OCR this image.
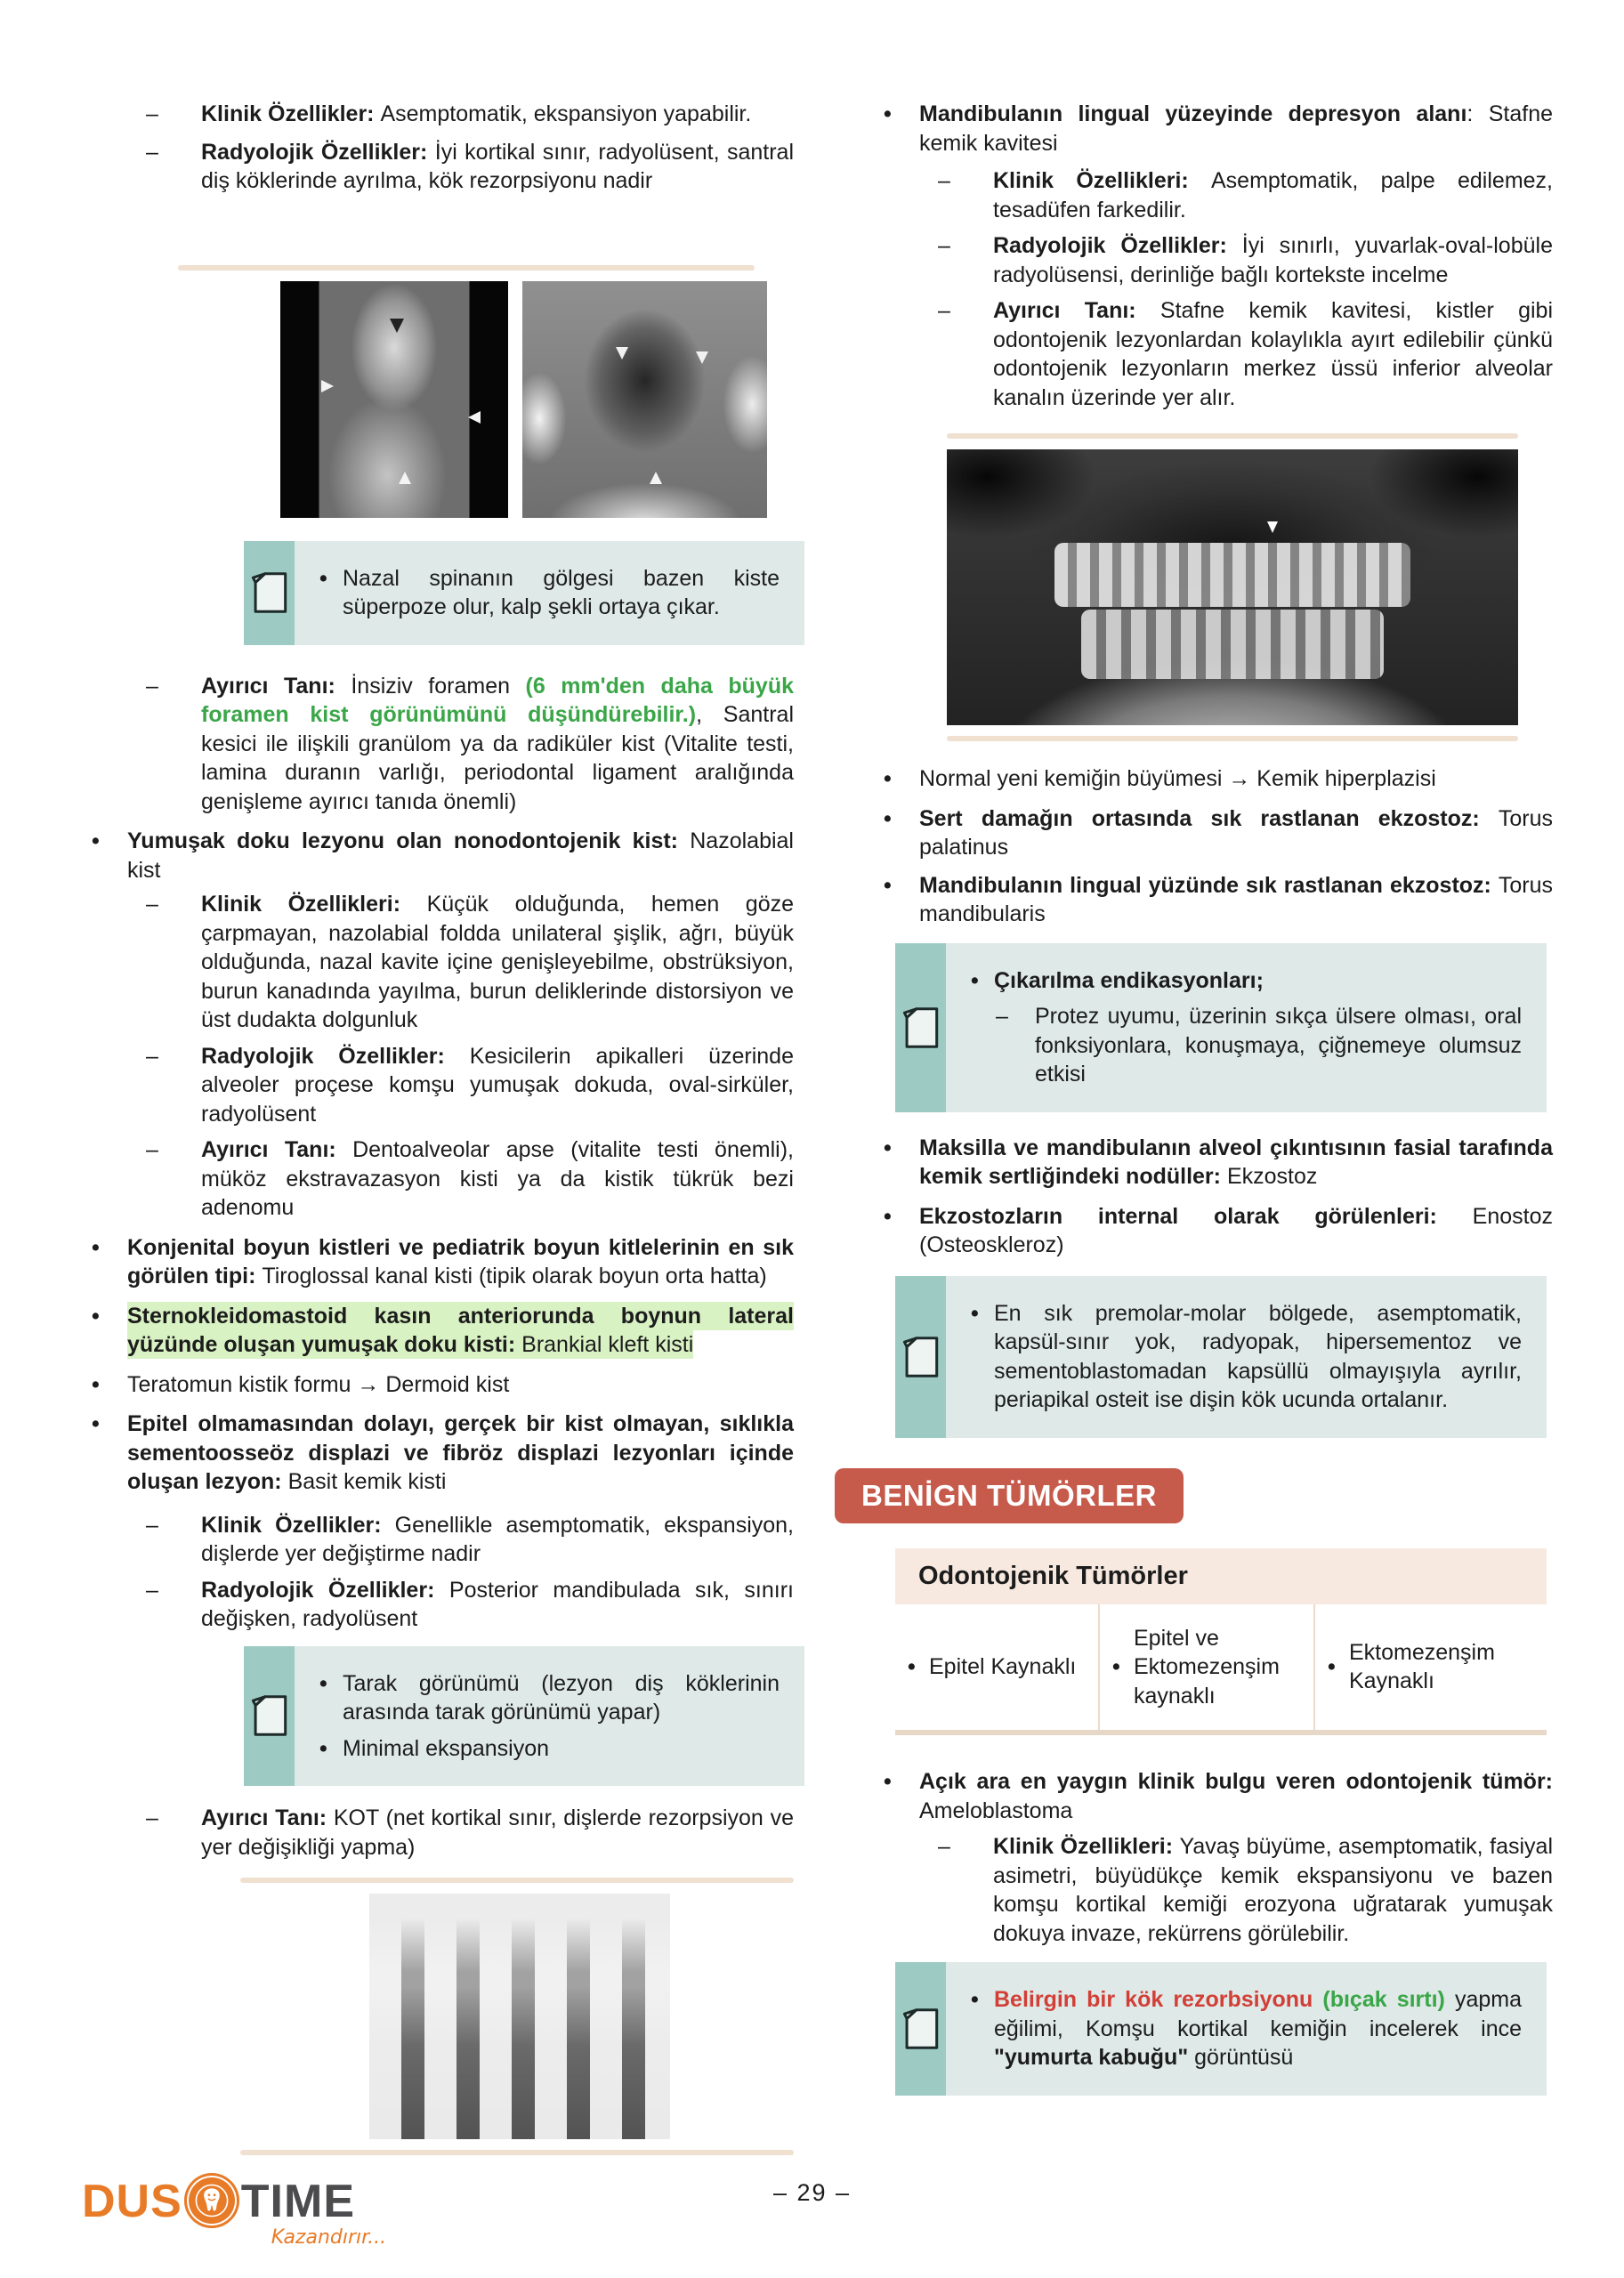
–	Klinik Özellikler: Asemptomatik, ekspansiyon yapabilir.
–	Radyolojik Özellikler: İyi kortikal sınır, radyolüsent, santral diş köklerinde ayrılma, kök rezorpsiyonu nadir
• Nazal spinanın gölgesi bazen kiste süperpoze olur, kalp şekli ortaya çıkar.
–	Ayırıcı Tanı: İnsiziv foramen (6 mm'den daha büyük foramen kist görünümünü düşündürebilir.), Santral kesici ile ilişkili granülom ya da radiküler kist (Vitalite testi, lamina duranın varlığı, periodontal ligament aralığında genişleme ayırıcı tanıda önemli)
•	Yumuşak doku lezyonu olan nonodontojenik kist: Nazolabial kist
–	Klinik Özellikleri: Küçük olduğunda, hemen göze çarpmayan, nazolabial foldda unilateral şişlik, ağrı, büyük olduğunda, nazal kavite içine genişleyebilme, obstrüksiyon, burun kanadında yayılma, burun deliklerinde distorsiyon ve üst dudakta dolgunluk
–	Radyolojik Özellikler: Kesicilerin apikalleri üzerinde alveoler proçese komşu yumuşak dokuda, oval-sirküler, radyolüsent
–	Ayırıcı Tanı: Dentoalveolar apse (vitalite testi önemli), müköz ekstravazasyon kisti ya da kistik tükrük bezi adenomu
•	Konjenital boyun kistleri ve pediatrik boyun kitlelerinin en sık görülen tipi: Tiroglossal kanal kisti (tipik olarak boyun orta hatta)
•	Sternokleidomastoid kasın anteriorunda boynun lateral yüzünde oluşan yumuşak doku kisti: Brankial kleft kisti
•	Teratomun kistik formu → Dermoid kist
•	Epitel olmamasından dolayı, gerçek bir kist olmayan, sıklıkla sementoosseöz displazi ve fibröz displazi lezyonları içinde oluşan lezyon: Basit kemik kisti
–	Klinik Özellikler: Genellikle asemptomatik, ekspansiyon, dişlerde yer değiştirme nadir
–	Radyolojik Özellikler: Posterior mandibulada sık, sınırı değişken, radyolüsent
• Tarak görünümü (lezyon diş köklerinin arasında tarak görünümü yapar)
• Minimal ekspansiyon
–	Ayırıcı Tanı: KOT (net kortikal sınır, dişlerde rezorpsiyon ve yer değişikliği yapma)
•	Mandibulanın lingual yüzeyinde depresyon alanı: Stafne kemik kavitesi
–	Klinik Özellikleri: Asemptomatik, palpe edilemez, tesadüfen farkedilir.
–	Radyolojik Özellikler: İyi sınırlı, yuvarlak-oval-lobüle radyolüsensi, derinliğe bağlı kortekste incelme
–	Ayırıcı Tanı: Stafne kemik kavitesi, kistler gibi odontojenik lezyonlardan kolaylıkla ayırt edilebilir çünkü odontojenik lezyonların merkez üssü inferior alveolar kanalın üzerinde yer alır.
•	Normal yeni kemiğin büyümesi → Kemik hiperplazisi
•	Sert damağın ortasında sık rastlanan ekzostoz: Torus palatinus
•	Mandibulanın lingual yüzünde sık rastlanan ekzostoz: Torus mandibularis
• Çıkarılma endikasyonları;
–	Protez uyumu, üzerinin sıkça ülsere olması, oral fonksiyonlara, konuşmaya, çiğnemeye olumsuz etkisi
•	Maksilla ve mandibulanın alveol çıkıntısının fasial tarafında kemik sertliğindeki nodüller: Ekzostoz
•	Ekzostozların internal olarak görülenleri: Enostoz (Osteoskleroz)
• En sık premolar-molar bölgede, asemptomatik, kapsül-sınır yok, radyopak, hipersementoz ve sementoblastomadan kapsüllü olmayışıyla ayrılır, periapikal osteit ise dişin kök ucunda ortalanır.
BENİGN TÜMÖRLER
Odontojenik Tümörler
• Epitel Kaynaklı •
Epitel ve Ektomezenşim kaynaklı
•
Ektomezenşim Kaynaklı
•	Açık ara en yaygın klinik bulgu veren odontojenik tümör: Ameloblastoma
–	Klinik Özellikleri: Yavaş büyüme, asemptomatik, fasiyal asimetri, büyüdükçe kemik ekspansiyonu ve bazen komşu kortikal kemiği erozyona uğratarak yumuşak dokuya invaze, rekürrens görülebilir.
• Belirgin bir kök rezorbsiyonu (bıçak sırtı) yapma eğilimi, Komşu kortikal kemiğin incelerek ince "yumurta kabuğu" görüntüsü
DUS TIME
Kazandırır...
– 29 –
